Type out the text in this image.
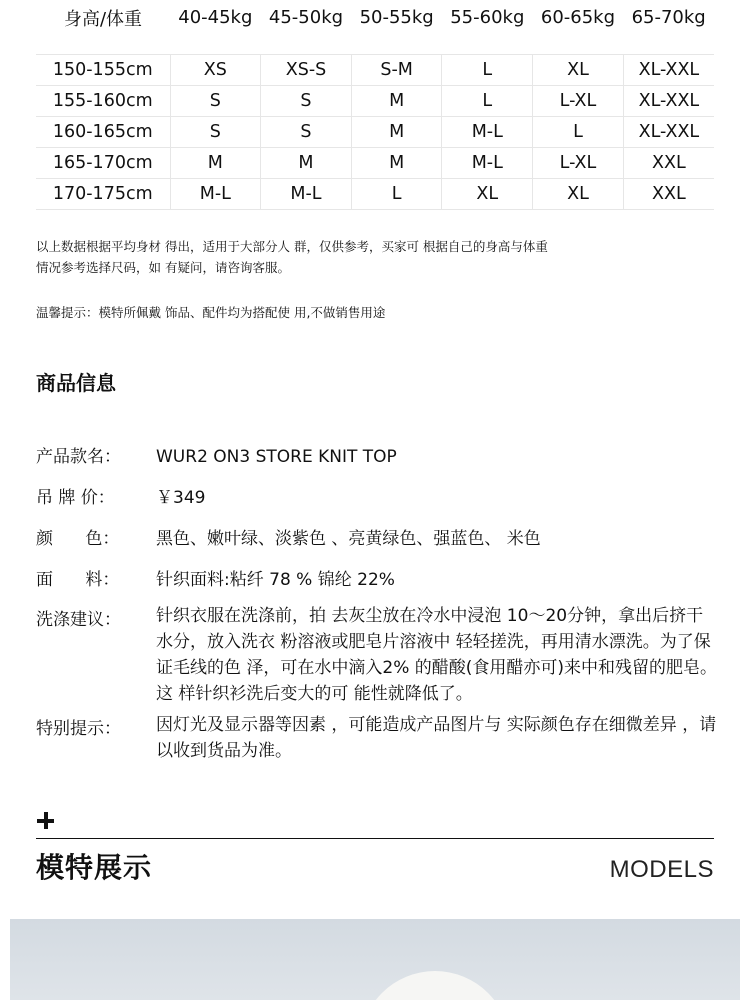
身高/体重	40-45kg	45-50kg	50-55kg	55-60kg	60-65kg	65-70kg
150-155cm	XS	XS-S	S-M	L	XL	XL-XXL
155-160cm	S	S	M	L	L-XL	XL-XXL
160-165cm	S	S	M	M-L	L	XL-XXL
165-170cm	M	M	M	M-L	L-XL	XXL
170-175cm	M-L	M-L	L	XL	XL	XXL
以上数据根据平均身材 得出，适用于大部分人 群，仅供参考，买家可 根据自己的身高与体重
情况参考选择尺码，如 有疑问，请咨询客服。
温馨提示：模特所佩戴 饰品、配件均为搭配使 用,不做销售用途
商品信息
产品款名：	WUR2 ON3 STORE KNIT TOP
吊 牌 价：	￥349
颜      色：	黑色、嫩叶绿、淡紫色 、亮黄绿色、强蓝色、 米色
面      料：	针织面料:粘纤 78 % 锦纶 22%
洗涤建议：	针织衣服在洗涤前，拍 去灰尘放在冷水中浸泡 10～20分钟，拿出后挤干水分，放入洗衣 粉溶液或肥皂片溶液中 轻轻搓洗，再用清水漂洗。为了保证毛线的色 泽，可在水中滴入2% 的醋酸(食用醋亦可)来中和残留的肥皂。这 样针织衫洗后变大的可 能性就降低了。
特别提示：	因灯光及显示器等因素 ，可能造成产品图片与 实际颜色存在细微差异 ，请以收到货品为准。
模特展示	MODELS
